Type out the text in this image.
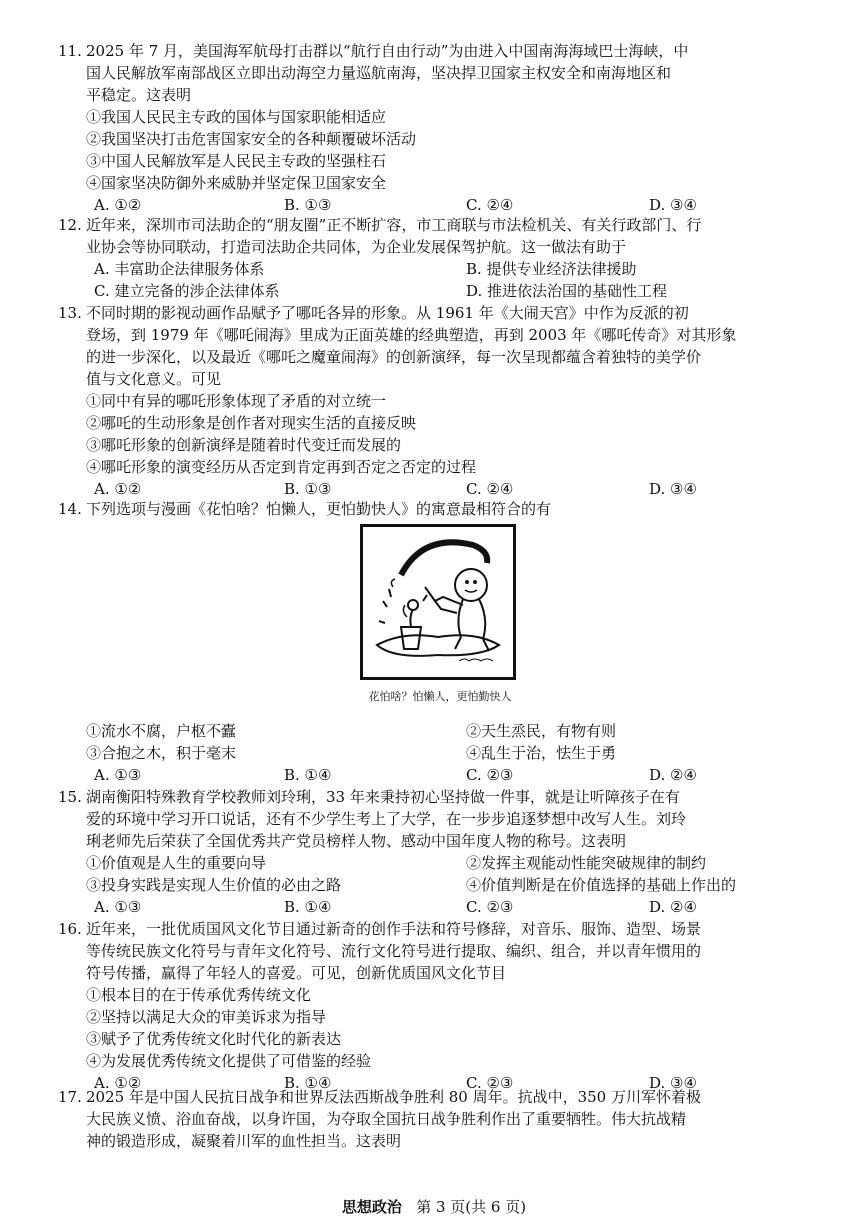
11. 2025 年 7 月，美国海军航母打击群以“航行自由行动”为由进入中国南海海域巴士海峡，中
国人民解放军南部战区立即出动海空力量巡航南海，坚决捍卫国家主权安全和南海地区和
平稳定。这表明
①我国人民民主专政的国体与国家职能相适应
②我国坚决打击危害国家安全的各种颠覆破坏活动
③中国人民解放军是人民民主专政的坚强柱石
④国家坚决防御外来威胁并坚定保卫国家安全
A. ①②	B. ①③	C. ②④	D. ③④
12. 近年来，深圳市司法助企的“朋友圈”正不断扩容，市工商联与市法检机关、有关行政部门、行
业协会等协同联动，打造司法助企共同体，为企业发展保驾护航。这一做法有助于
A. 丰富助企法律服务体系	B. 提供专业经济法律援助
C. 建立完备的涉企法律体系	D. 推进依法治国的基础性工程
13. 不同时期的影视动画作品赋予了哪吒各异的形象。从 1961 年《大闹天宫》中作为反派的初
登场，到 1979 年《哪吒闹海》里成为正面英雄的经典塑造，再到 2003 年《哪吒传奇》对其形象
的进一步深化，以及最近《哪吒之魔童闹海》的创新演绎，每一次呈现都蕴含着独特的美学价
值与文化意义。可见
①同中有异的哪吒形象体现了矛盾的对立统一
②哪吒的生动形象是创作者对现实生活的直接反映
③哪吒形象的创新演绎是随着时代变迁而发展的
④哪吒形象的演变经历从否定到肯定再到否定之否定的过程
A. ①②	B. ①③	C. ②④	D. ③④
14. 下列选项与漫画《花怕啥？怕懒人，更怕勤快人》的寓意最相符合的有
花怕啥？怕懒人，更怕勤快人
①流水不腐，户枢不蠹	②天生烝民，有物有则
③合抱之木，积于毫末	④乱生于治，怯生于勇
A. ①③	B. ①④	C. ②③	D. ②④
15. 湖南衡阳特殊教育学校教师刘玲琍，33 年来秉持初心坚持做一件事，就是让听障孩子在有
爱的环境中学习开口说话，还有不少学生考上了大学，在一步步追逐梦想中改写人生。刘玲
琍老师先后荣获了全国优秀共产党员榜样人物、感动中国年度人物的称号。这表明
①价值观是人生的重要向导	②发挥主观能动性能突破规律的制约
③投身实践是实现人生价值的必由之路	④价值判断是在价值选择的基础上作出的
A. ①③	B. ①④	C. ②③	D. ②④
16. 近年来，一批优质国风文化节目通过新奇的创作手法和符号修辞，对音乐、服饰、造型、场景
等传统民族文化符号与青年文化符号、流行文化符号进行提取、编织、组合，并以青年惯用的
符号传播，赢得了年轻人的喜爱。可见，创新优质国风文化节目
①根本目的在于传承优秀传统文化
②坚持以满足大众的审美诉求为指导
③赋予了优秀传统文化时代化的新表达
④为发展优秀传统文化提供了可借鉴的经验
A. ①②	B. ①④	C. ②③	D. ③④
17. 2025 年是中国人民抗日战争和世界反法西斯战争胜利 80 周年。抗战中，350 万川军怀着极
大民族义愤、浴血奋战，以身许国，为夺取全国抗日战争胜利作出了重要牺牲。伟大抗战精
神的锻造形成，凝聚着川军的血性担当。这表明
思想政治 第 3 页(共 6 页)
